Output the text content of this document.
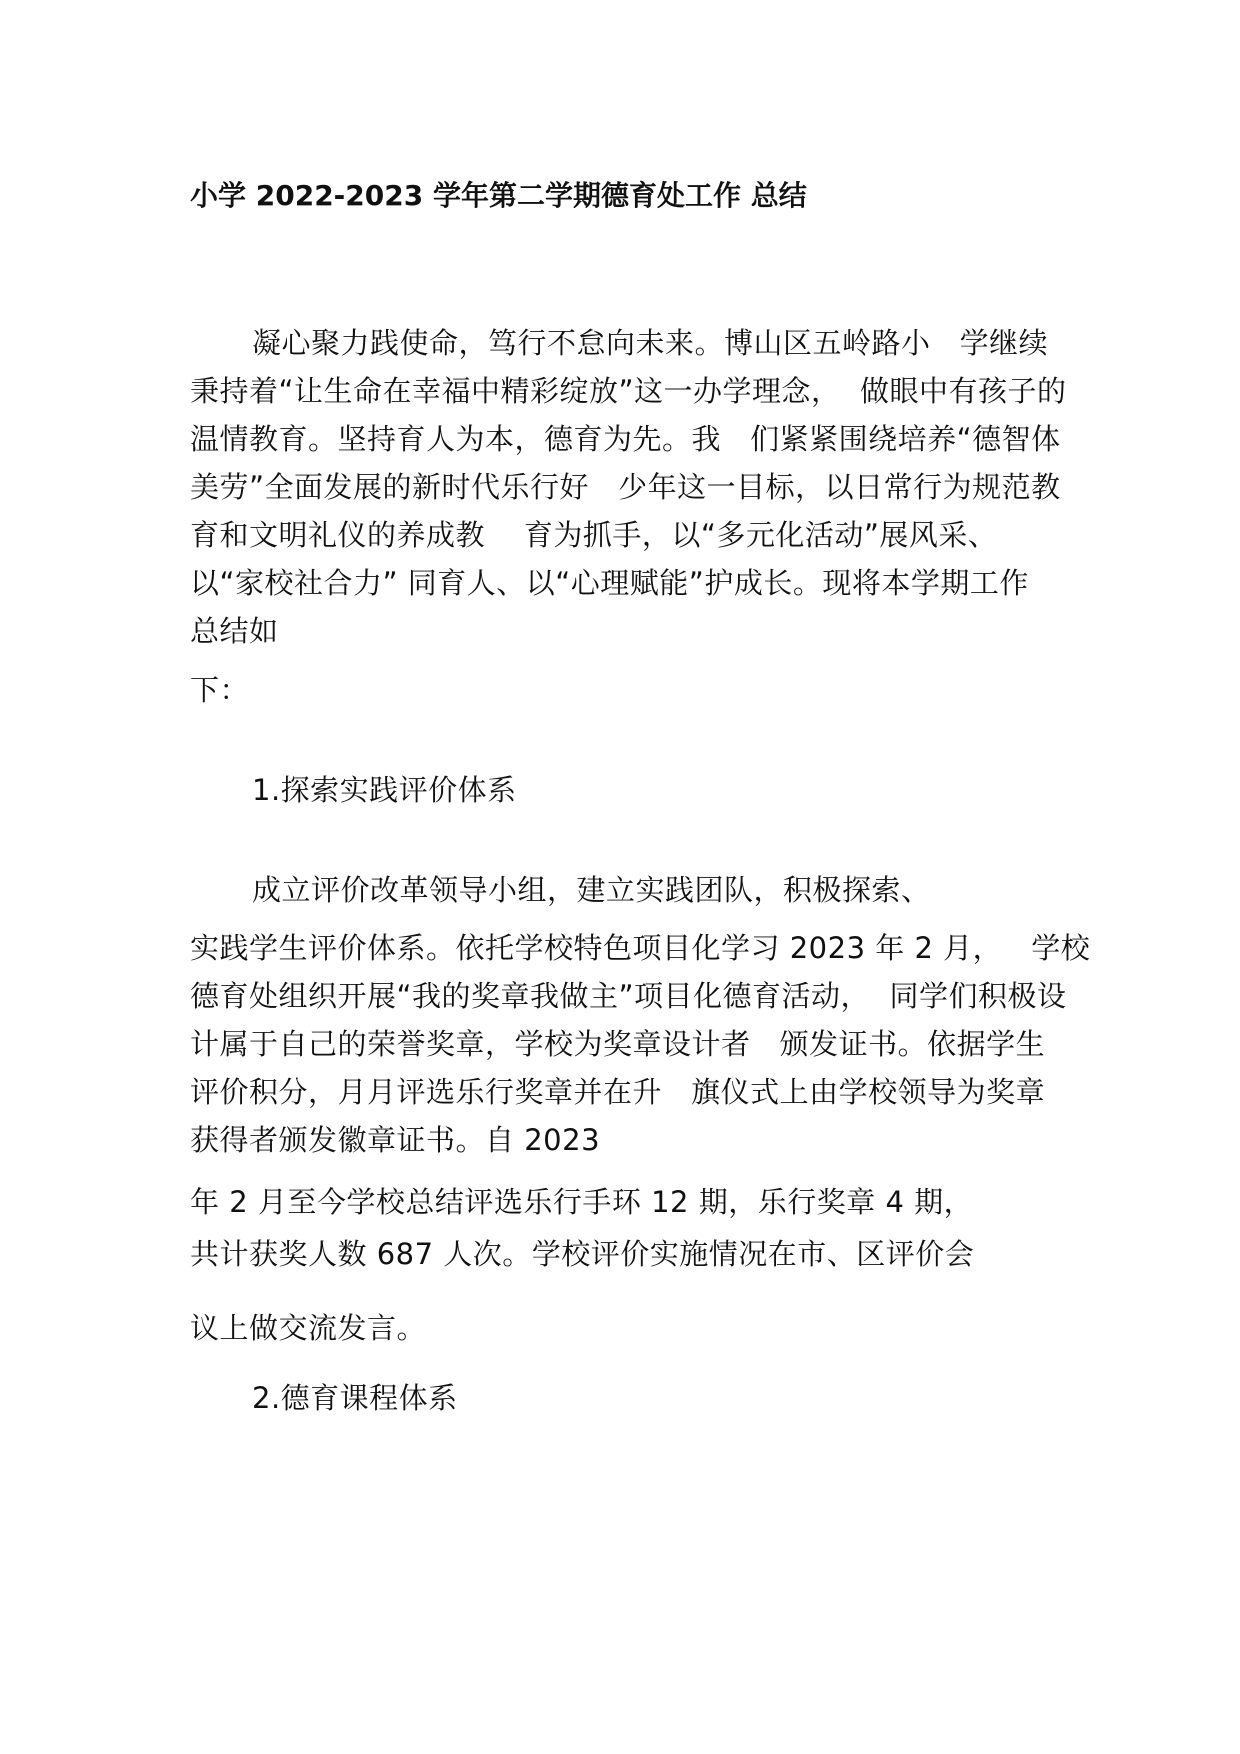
小学 2022-2023 学年第二学期德育处工作 总结
凝心聚力践使命，笃行不怠向未来。博山区五岭路小   学继续
秉持着“让生命在幸福中精彩绽放”这一办学理念，  做眼中有孩子的
温情教育。坚持育人为本，德育为先。我   们紧紧围绕培养“德智体
美劳”全面发展的新时代乐行好   少年这一目标，以日常行为规范教
育和文明礼仪的养成教    育为抓手，以“多元化活动”展风采、
以“家校社合力” 同育人、以“心理赋能”护成长。现将本学期工作
总结如
下：
1.探索实践评价体系
成立评价改革领导小组，建立实践团队，积极探索、
实践学生评价体系。依托学校特色项目化学习 2023 年 2 月，   学校
德育处组织开展“我的奖章我做主”项目化德育活动，  同学们积极设
计属于自己的荣誉奖章，学校为奖章设计者   颁发证书。依据学生
评价积分，月月评选乐行奖章并在升   旗仪式上由学校领导为奖章
获得者颁发徽章证书。自 2023
年 2 月至今学校总结评选乐行手环 12 期，乐行奖章 4 期，
共计获奖人数 687 人次。学校评价实施情况在市、区评价会
议上做交流发言。
2.德育课程体系
